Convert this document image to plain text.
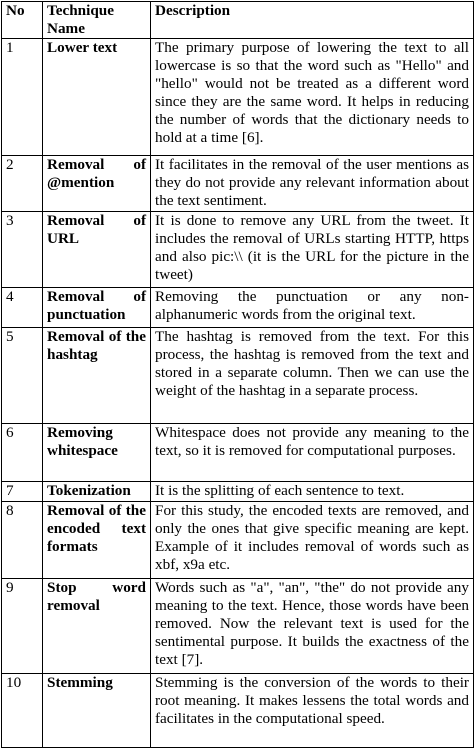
No	Technique Name	Description
1	Lower text	The primary purpose of lowering the text to all lowercase is so that the word such as "Hello" and "hello" would not be treated as a different word since they are the same word. It helps in reducing the number of words that the dictionary needs to hold at a time [6].
2	Removal of @mention	It facilitates in the removal of the user mentions as they do not provide any relevant information about the text sentiment.
3	Removal of URL	It is done to remove any URL from the tweet. It includes the removal of URLs starting HTTP, https and also pic:\\ (it is the URL for the picture in the tweet)
4	Removal of punctuation	Removing the punctuation or any non-alphanumeric words from the original text.
5	Removal of the hashtag	The hashtag is removed from the text. For this process, the hashtag is removed from the text and stored in a separate column. Then we can use the weight of the hashtag in a separate process.
6	Removing whitespace	Whitespace does not provide any meaning to the text, so it is removed for computational purposes.
7	Tokenization	It is the splitting of each sentence to text.
8	Removal of the encoded text formats	For this study, the encoded texts are removed, and only the ones that give specific meaning are kept. Example of it includes removal of words such as xbf, x9a etc.
9	Stop word removal	Words such as "a", "an", "the" do not provide any meaning to the text. Hence, those words have been removed. Now the relevant text is used for the sentimental purpose. It builds the exactness of the text [7].
10	Stemming	Stemming is the conversion of the words to their root meaning. It makes lessens the total words and facilitates in the computational speed.
